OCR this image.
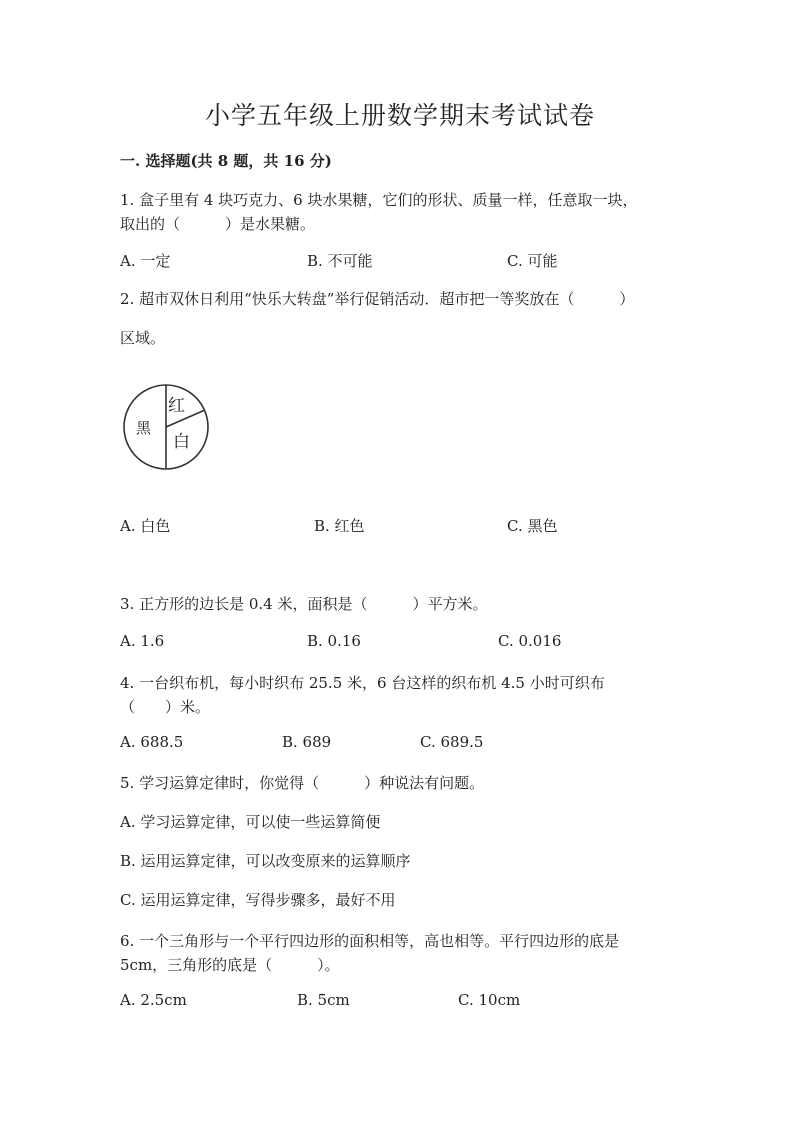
小学五年级上册数学期末考试试卷
一. 选择题(共 8 题，共 16 分)
1. 盒子里有 4 块巧克力、6 块水果糖，它们的形状、质量一样，任意取一块，
取出的（　　　）是水果糖。
A. 一定	B. 不可能	C. 可能
2. 超市双休日利用“快乐大转盘”举行促销活动．超市把一等奖放在（　　　）
区域。
红
黑
白
A. 白色	B. 红色	C. 黑色
3. 正方形的边长是 0.4 米，面积是（　　　）平方米。
A. 1.6	B. 0.16	C. 0.016
4. 一台织布机，每小时织布 25.5 米，6 台这样的织布机 4.5 小时可织布
（　　）米。
A. 688.5	B. 689	C. 689.5
5. 学习运算定律时，你觉得（　　　）种说法有问题。
A. 学习运算定律，可以使一些运算简便
B. 运用运算定律，可以改变原来的运算顺序
C. 运用运算定律，写得步骤多，最好不用
6. 一个三角形与一个平行四边形的面积相等，高也相等。平行四边形的底是
5cm，三角形的底是（　　　）。
A. 2.5cm	B. 5cm	C. 10cm
